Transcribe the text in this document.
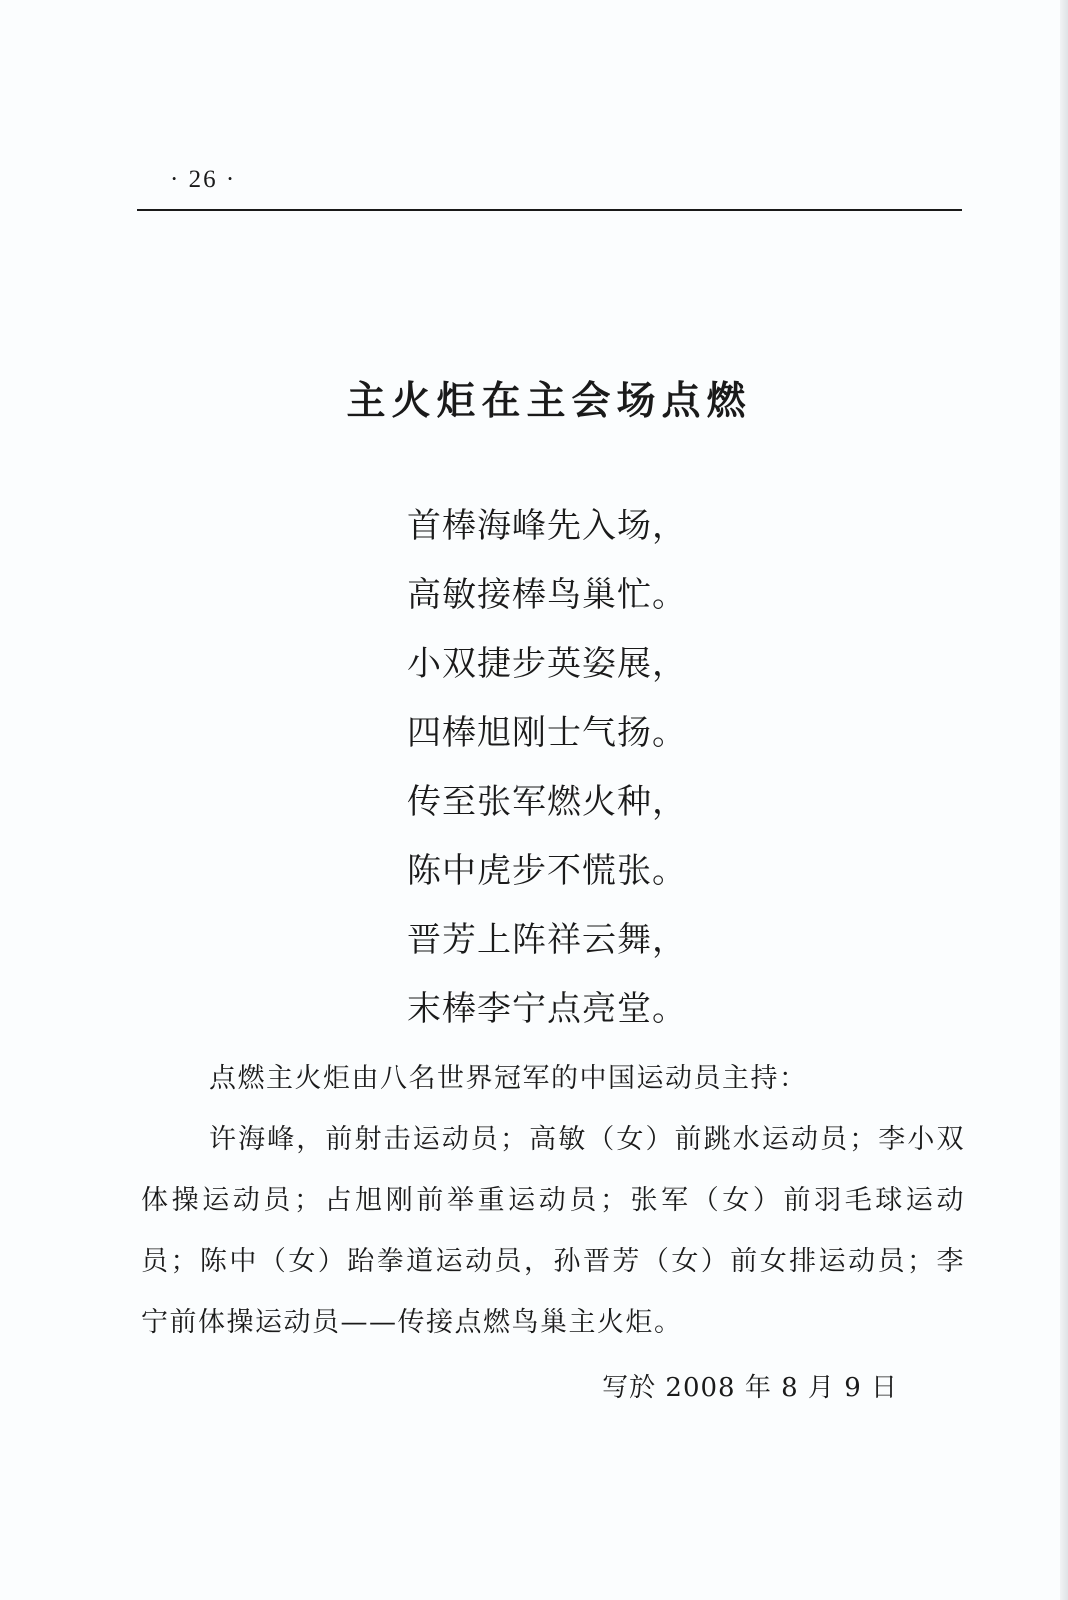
· 26 ·
主火炬在主会场点燃
首棒海峰先入场，
高敏接棒鸟巢忙。
小双捷步英姿展，
四棒旭刚士气扬。
传至张军燃火种，
陈中虎步不慌张。
晋芳上阵祥云舞，
末棒李宁点亮堂。

点燃主火炬由八名世界冠军的中国运动员主持：

许海峰，前射击运动员；高敏（女）前跳水运动员；李小双体操运动员；占旭刚前举重运动员；张军（女）前羽毛球运动员；陈中（女）跆拳道运动员，孙晋芳（女）前女排运动员；李宁前体操运动员——传接点燃鸟巢主火炬。

写於 2008 年 8 月 9 日
